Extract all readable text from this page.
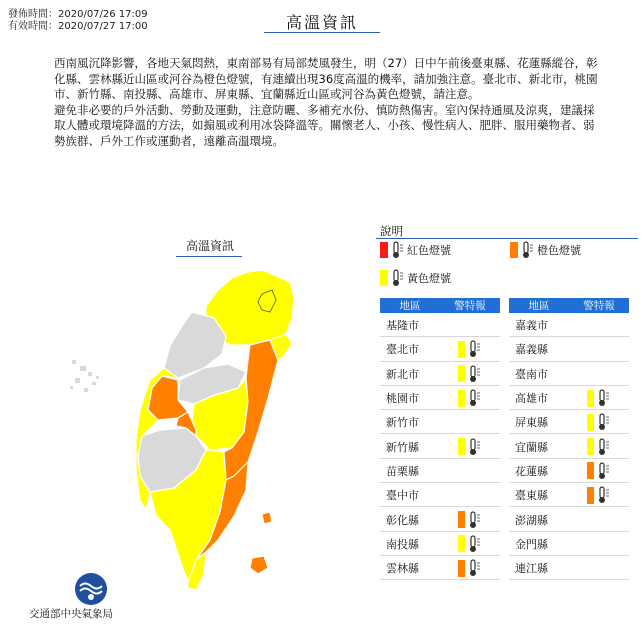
發佈時間：2020/07/26 17:09
有效時間：2020/07/27 17:00	高溫資訊

西南風沉降影響，各地天氣悶熱，東南部易有局部焚風發生，明（27）日中午前後臺東縣、花蓮縣縱谷，彰化縣、雲林縣近山區或河谷為橙色燈號，有連續出現36度高溫的機率，請加強注意。臺北市、新北市，桃園市、新竹縣、南投縣、高雄市、屏東縣、宜蘭縣近山區或河谷為黃色燈號，請注意。

避免非必要的戶外活動、勞動及運動，注意防曬、多補充水份、慎防熱傷害。室內保持通風及涼爽，建議採取人體或環境降溫的方法，如搧風或利用冰袋降溫等。關懷老人、小孩、慢性病人、肥胖、服用藥物者、弱勢族群、戶外工作或運動者，遠離高溫環境。

高溫資訊
交通部中央氣象局
說明
紅色燈號	橙色燈號
黃色燈號
地區	警特報
基隆市
臺北市
新北市
桃園市
新竹市
新竹縣
苗栗縣
臺中市
彰化縣
南投縣
雲林縣
地區	警特報
嘉義市
嘉義縣
臺南市
高雄市
屏東縣
宜蘭縣
花蓮縣
臺東縣
澎湖縣
金門縣
連江縣
